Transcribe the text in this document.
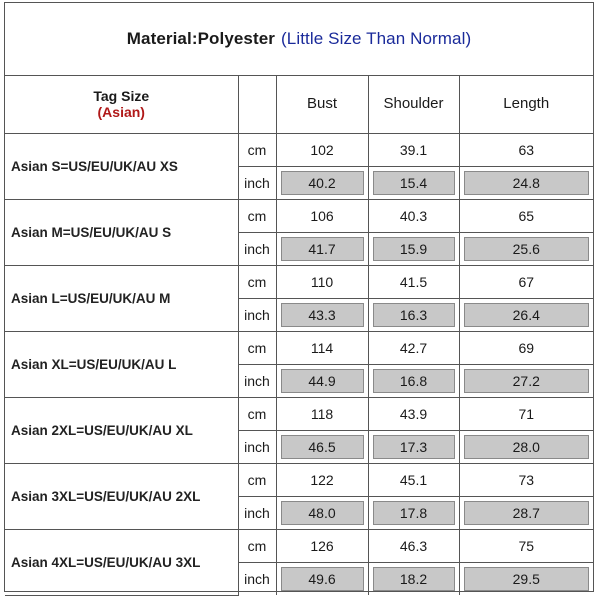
Material:Polyester (Little Size Than Normal)
Tag Size
(Asian)		Bust	Shoulder	Length
Asian S=US/EU/UK/AU XS	cm	102	39.1	63
	inch	40.2	15.4	24.8

Asian M=US/EU/UK/AU S	cm	106	40.3	65
	inch	41.7	15.9	25.6

Asian L=US/EU/UK/AU M	cm	110	41.5	67
	inch	43.3	16.3	26.4

Asian XL=US/EU/UK/AU L	cm	114	42.7	69
	inch	44.9	16.8	27.2

Asian 2XL=US/EU/UK/AU XL	cm	118	43.9	71
	inch	46.5	17.3	28.0

Asian 3XL=US/EU/UK/AU 2XL	cm	122	45.1	73
	inch	48.0	17.8	28.7

Asian 4XL=US/EU/UK/AU 3XL	cm	126	46.3	75
	inch	49.6	18.2	29.5
